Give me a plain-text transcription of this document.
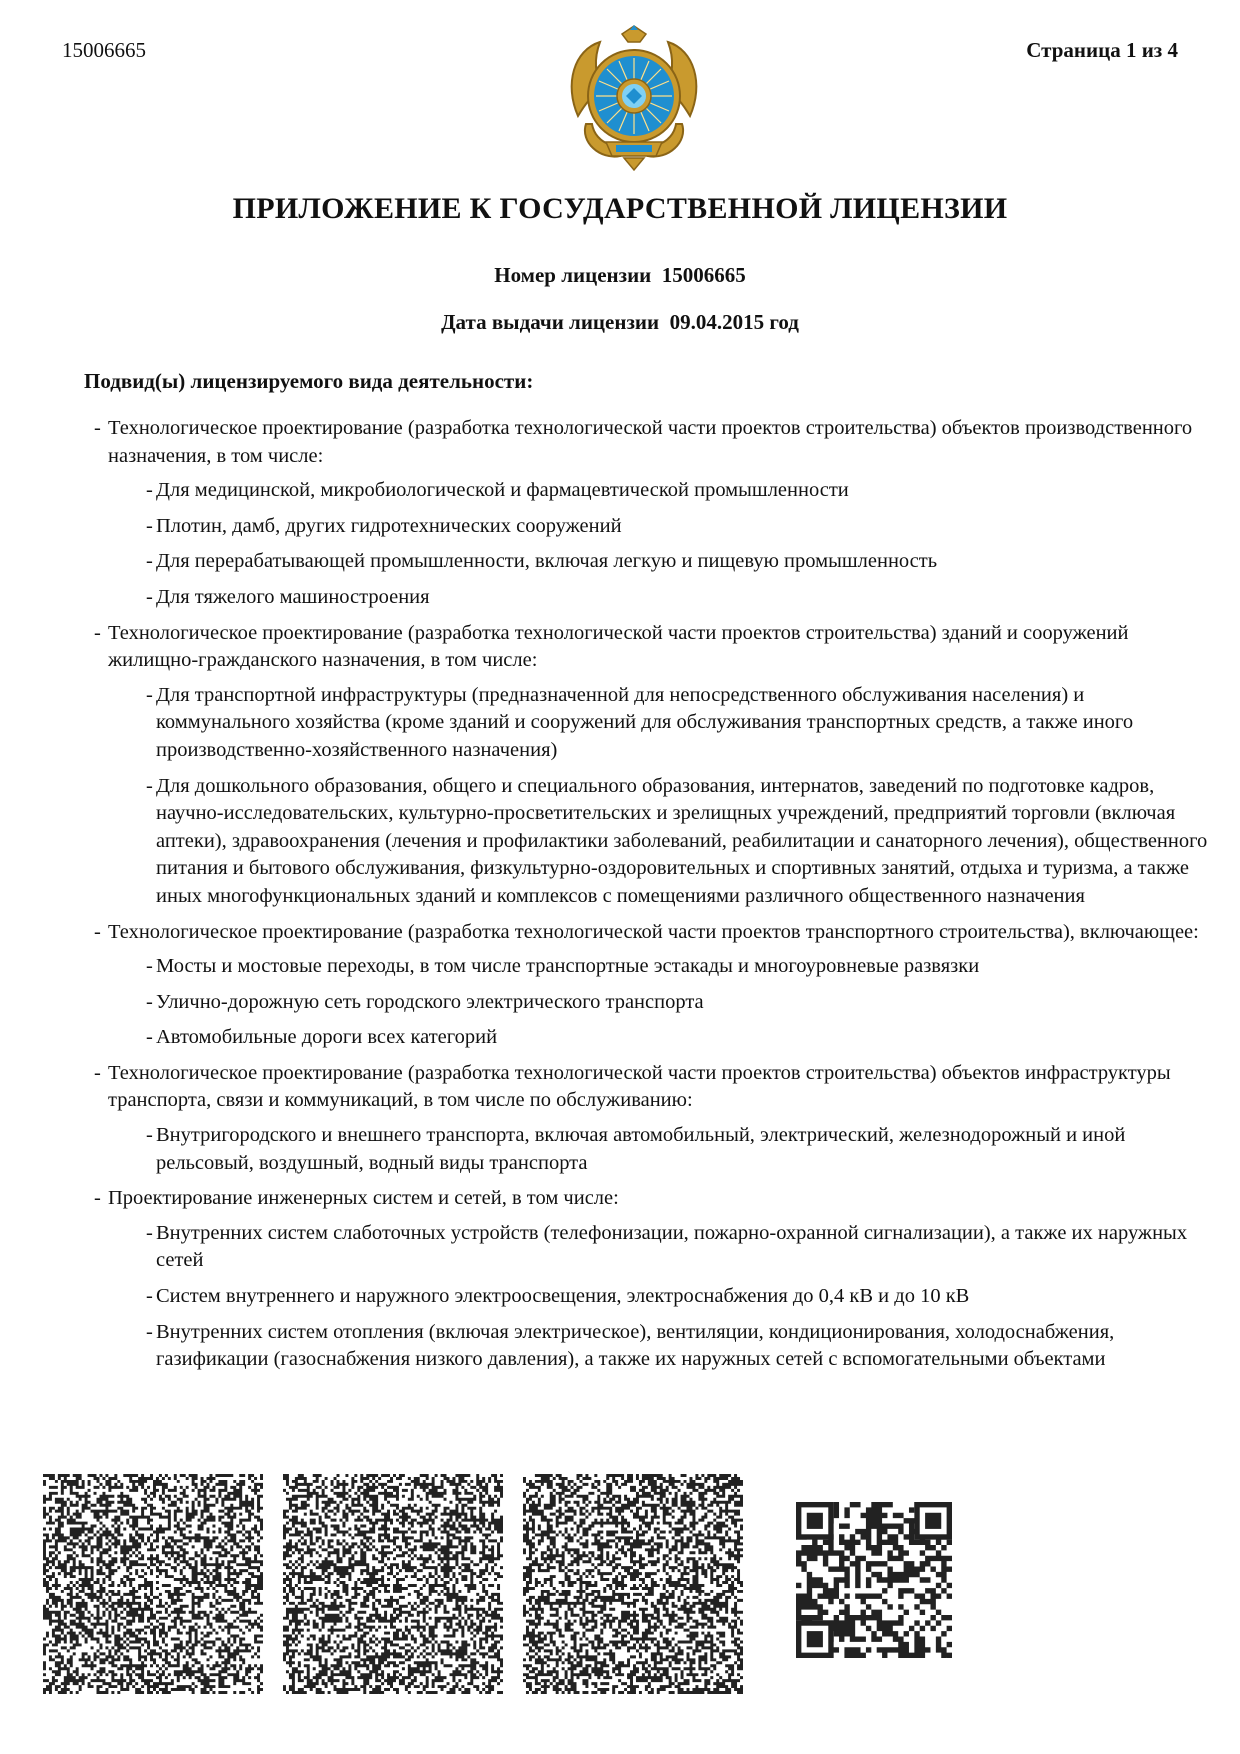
15006665	Страница 1 из 4
ПРИЛОЖЕНИЕ К ГОСУДАРСТВЕННОЙ ЛИЦЕНЗИИ
Номер лицензии 15006665
Дата выдачи лицензии 09.04.2015 год
Подвид(ы) лицензируемого вида деятельности:
- Технологическое проектирование (разработка технологической части проектов строительства) объектов производственного назначения, в том числе:
- Для медицинской, микробиологической и фармацевтической промышленности
- Плотин, дамб, других гидротехнических сооружений
- Для перерабатывающей промышленности, включая легкую и пищевую промышленность
- Для тяжелого машиностроения
- Технологическое проектирование (разработка технологической части проектов строительства) зданий и сооружений жилищно-гражданского назначения, в том числе:
- Для транспортной инфраструктуры (предназначенной для непосредственного обслуживания населения) и коммунального хозяйства (кроме зданий и сооружений для обслуживания транспортных средств, а также иного производственно-хозяйственного назначения)
- Для дошкольного образования, общего и специального образования, интернатов, заведений по подготовке кадров, научно-исследовательских, культурно-просветительских и зрелищных учреждений, предприятий торговли (включая аптеки), здравоохранения (лечения и профилактики заболеваний, реабилитации и санаторного лечения), общественного питания и бытового обслуживания, физкультурно-оздоровительных и спортивных занятий, отдыха и туризма, а также иных многофункциональных зданий и комплексов с помещениями различного общественного назначения
- Технологическое проектирование (разработка технологической части проектов транспортного строительства), включающее:
- Мосты и мостовые переходы, в том числе транспортные эстакады и многоуровневые развязки
- Улично-дорожную сеть городского электрического транспорта
- Автомобильные дороги всех категорий
- Технологическое проектирование (разработка технологической части проектов строительства) объектов инфраструктуры транспорта, связи и коммуникаций, в том числе по обслуживанию:
- Внутригородского и внешнего транспорта, включая автомобильный, электрический, железнодорожный и иной рельсовый, воздушный, водный виды транспорта
- Проектирование инженерных систем и сетей, в том числе:
- Внутренних систем слаботочных устройств (телефонизации, пожарно-охранной сигнализации), а также их наружных сетей
- Систем внутреннего и наружного электроосвещения, электроснабжения до 0,4 кВ и до 10 кВ
- Внутренних систем отопления (включая электрическое), вентиляции, кондиционирования, холодоснабжения, газификации (газоснабжения низкого давления), а также их наружных сетей с вспомогательными объектами
